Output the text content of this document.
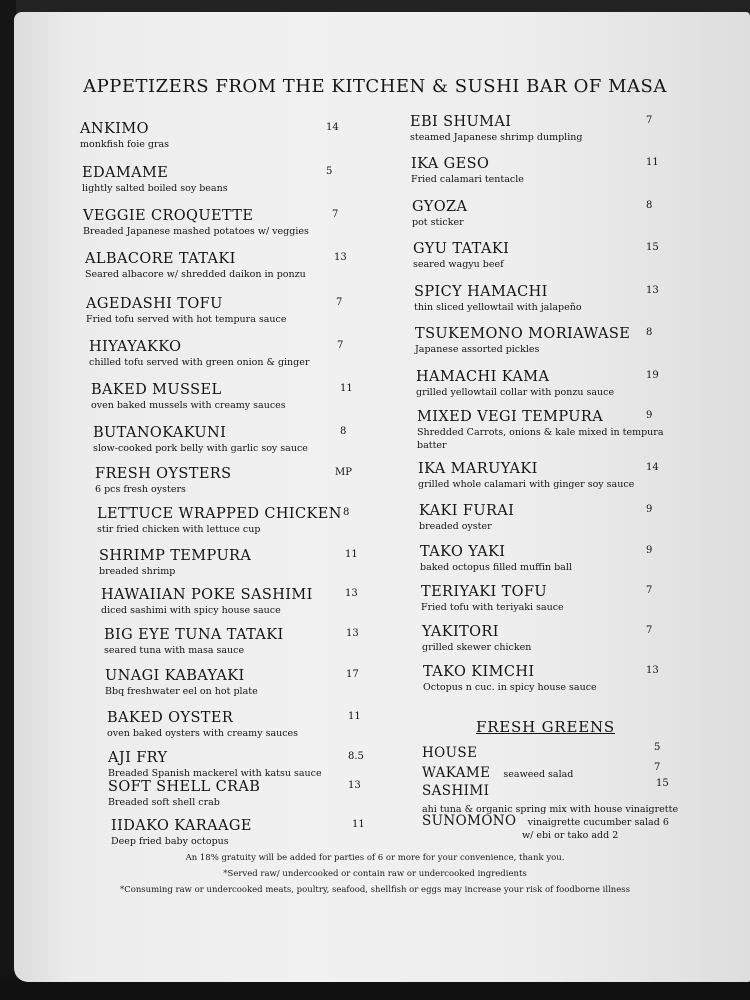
APPETIZERS FROM THE KITCHEN & SUSHI BAR OF MASA
ANKIMO
monkfish foie gras
14
EDAMAME
lightly salted boiled soy beans
5
VEGGIE CROQUETTE
Breaded Japanese mashed potatoes w/ veggies
7
ALBACORE TATAKI
Seared albacore w/ shredded daikon in ponzu
13
AGEDASHI TOFU
Fried tofu served with hot tempura sauce
7
HIYAYAKKO
chilled tofu served with green onion & ginger
7
BAKED MUSSEL
oven baked mussels with creamy sauces
11
BUTANOKAKUNI
slow-cooked pork belly with garlic soy sauce
8
FRESH OYSTERS
6 pcs fresh oysters
MP
LETTUCE WRAPPED CHICKEN
stir fried chicken with lettuce cup
8
SHRIMP TEMPURA
breaded shrimp
11
HAWAIIAN POKE SASHIMI
diced sashimi with spicy house sauce
13
BIG EYE TUNA TATAKI
seared tuna with masa sauce
13
UNAGI KABAYAKI
Bbq freshwater eel on hot plate
17
BAKED OYSTER
oven baked oysters with creamy sauces
11
AJI FRY
Breaded Spanish mackerel with katsu sauce
8.5
SOFT SHELL CRAB
Breaded soft shell crab
13
IIDAKO KARAAGE
Deep fried baby octopus
11
EBI SHUMAI
steamed Japanese shrimp dumpling
7
IKA GESO
Fried calamari tentacle
11
GYOZA
pot sticker
8
GYU TATAKI
seared wagyu beef
15
SPICY HAMACHI
thin sliced yellowtail with jalapeño
13
TSUKEMONO MORIAWASE
Japanese assorted pickles
8
HAMACHI KAMA
grilled yellowtail collar with ponzu sauce
19
MIXED VEGI TEMPURA
Shredded Carrots, onions & kale mixed in tempura
batter
9
IKA MARUYAKI
grilled whole calamari with ginger soy sauce
14
KAKI FURAI
breaded oyster
9
TAKO YAKI
baked octopus filled muffin ball
9
TERIYAKI TOFU
Fried tofu with teriyaki sauce
7
YAKITORI
grilled skewer chicken
7
TAKO KIMCHI
Octopus n cuc. in spicy house sauce
13
FRESH GREENS
HOUSE	5
WAKAME seaweed salad
7
SASHIMI	15
ahi tuna & organic spring mix with house vinaigrette
SUNOMONO vinaigrette cucumber salad 6
w/ ebi or tako add 2
An 18% gratuity will be added for parties of 6 or more for your convenience, thank you.
*Served raw/ undercooked or contain raw or undercooked ingredients
*Consuming raw or undercooked meats, poultry, seafood, shellfish or eggs may increase your risk of foodborne illness
